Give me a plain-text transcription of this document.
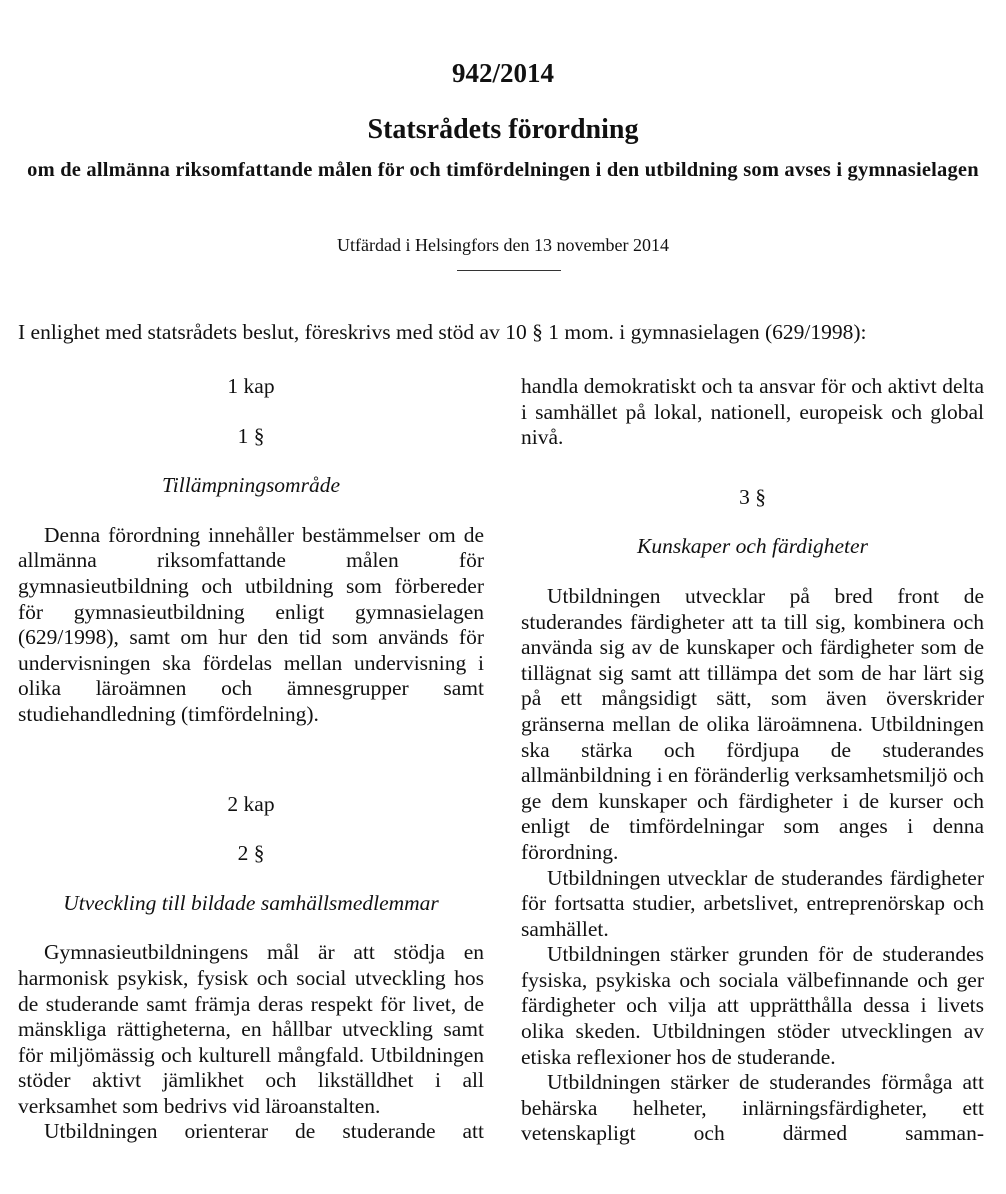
942/2014
Statsrådets förordning
om de allmänna riksomfattande målen för och timfördelningen i den utbildning som avses i gymnasielagen
Utfärdad i Helsingfors den 13 november 2014

I enlighet med statsrådets beslut, föreskrivs med stöd av 10 § 1 mom. i gymnasielagen (629/1998):

1 kap

1 §

Tillämpningsområde

Denna förordning innehåller bestämmelser om de allmänna riksomfattande målen för gymnasieutbildning och utbildning som förbereder för gymnasieutbildning enligt gymnasielagen (629/1998), samt om hur den tid som används för undervisningen ska fördelas mellan undervisning i olika läroämnen och ämnesgrupper samt studiehandledning (timfördelning).

2 kap

2 §

Utveckling till bildade samhällsmedlemmar

Gymnasieutbildningens mål är att stödja en harmonisk psykisk, fysisk och social utveckling hos de studerande samt främja deras respekt för livet, de mänskliga rättigheterna, en hållbar utveckling samt för miljömässig och kulturell mångfald. Utbildningen stöder aktivt jämlikhet och likställdhet i all verksamhet som bedrivs vid läroanstalten.

Utbildningen orienterar de studerande att

handla demokratiskt och ta ansvar för och aktivt delta i samhället på lokal, nationell, europeisk och global nivå.

3 §

Kunskaper och färdigheter

Utbildningen utvecklar på bred front de studerandes färdigheter att ta till sig, kombinera och använda sig av de kunskaper och färdigheter som de tillägnat sig samt att tillämpa det som de har lärt sig på ett mångsidigt sätt, som även överskrider gränserna mellan de olika läroämnena. Utbildningen ska stärka och fördjupa de studerandes allmänbildning i en föränderlig verksamhetsmiljö och ge dem kunskaper och färdigheter i de kurser och enligt de timfördelningar som anges i denna förordning.

Utbildningen utvecklar de studerandes färdigheter för fortsatta studier, arbetslivet, entreprenörskap och samhället.

Utbildningen stärker grunden för de studerandes fysiska, psykiska och sociala välbefinnande och ger färdigheter och vilja att upprätthålla dessa i livets olika skeden. Utbildningen stöder utvecklingen av etiska reflexioner hos de studerande.

Utbildningen stärker de studerandes förmåga att behärska helheter, inlärningsfärdigheter, ett vetenskapligt och därmed samman-
